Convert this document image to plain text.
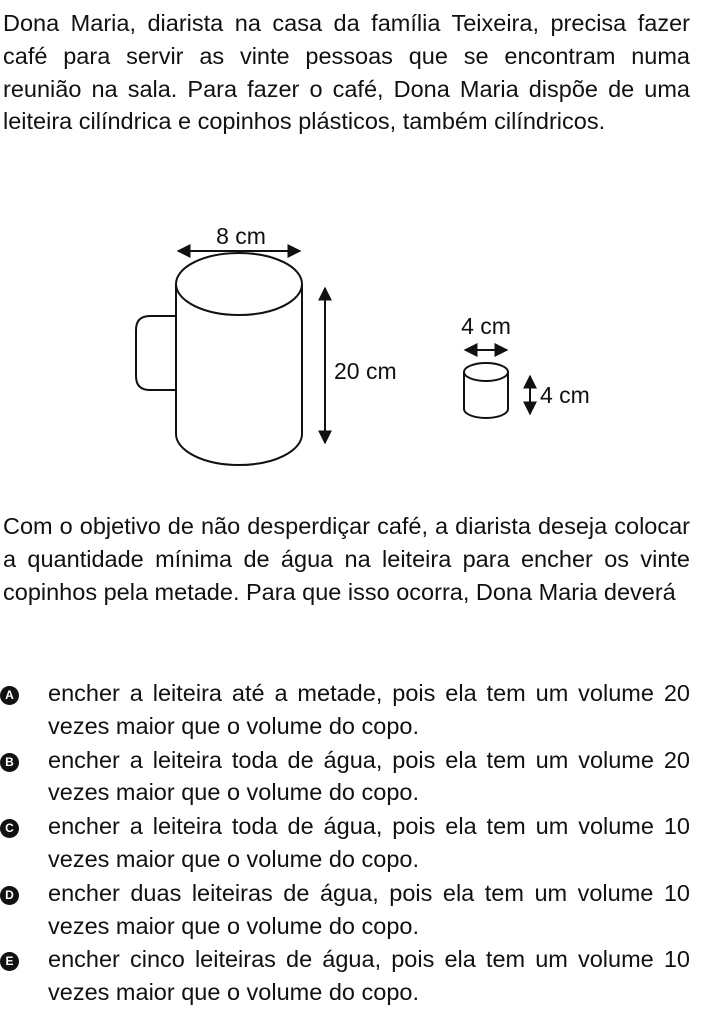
Dona Maria, diarista na casa da família Teixeira, precisa fazer café para servir as vinte pessoas que se encontram numa reunião na sala. Para fazer o café, Dona Maria dispõe de uma leiteira cilíndrica e copinhos plásticos, também cilíndricos.

8 cm
20 cm
4 cm
4 cm

Com o objetivo de não desperdiçar café, a diarista deseja colocar a quantidade mínima de água na leiteira para encher os vinte copinhos pela metade. Para que isso ocorra, Dona Maria deverá

A encher a leiteira até a metade, pois ela tem um volume 20 vezes maior que o volume do copo.
B encher a leiteira toda de água, pois ela tem um volume 20 vezes maior que o volume do copo.
C encher a leiteira toda de água, pois ela tem um volume 10 vezes maior que o volume do copo.
D encher duas leiteiras de água, pois ela tem um volume 10 vezes maior que o volume do copo.
E encher cinco leiteiras de água, pois ela tem um volume 10 vezes maior que o volume do copo.
